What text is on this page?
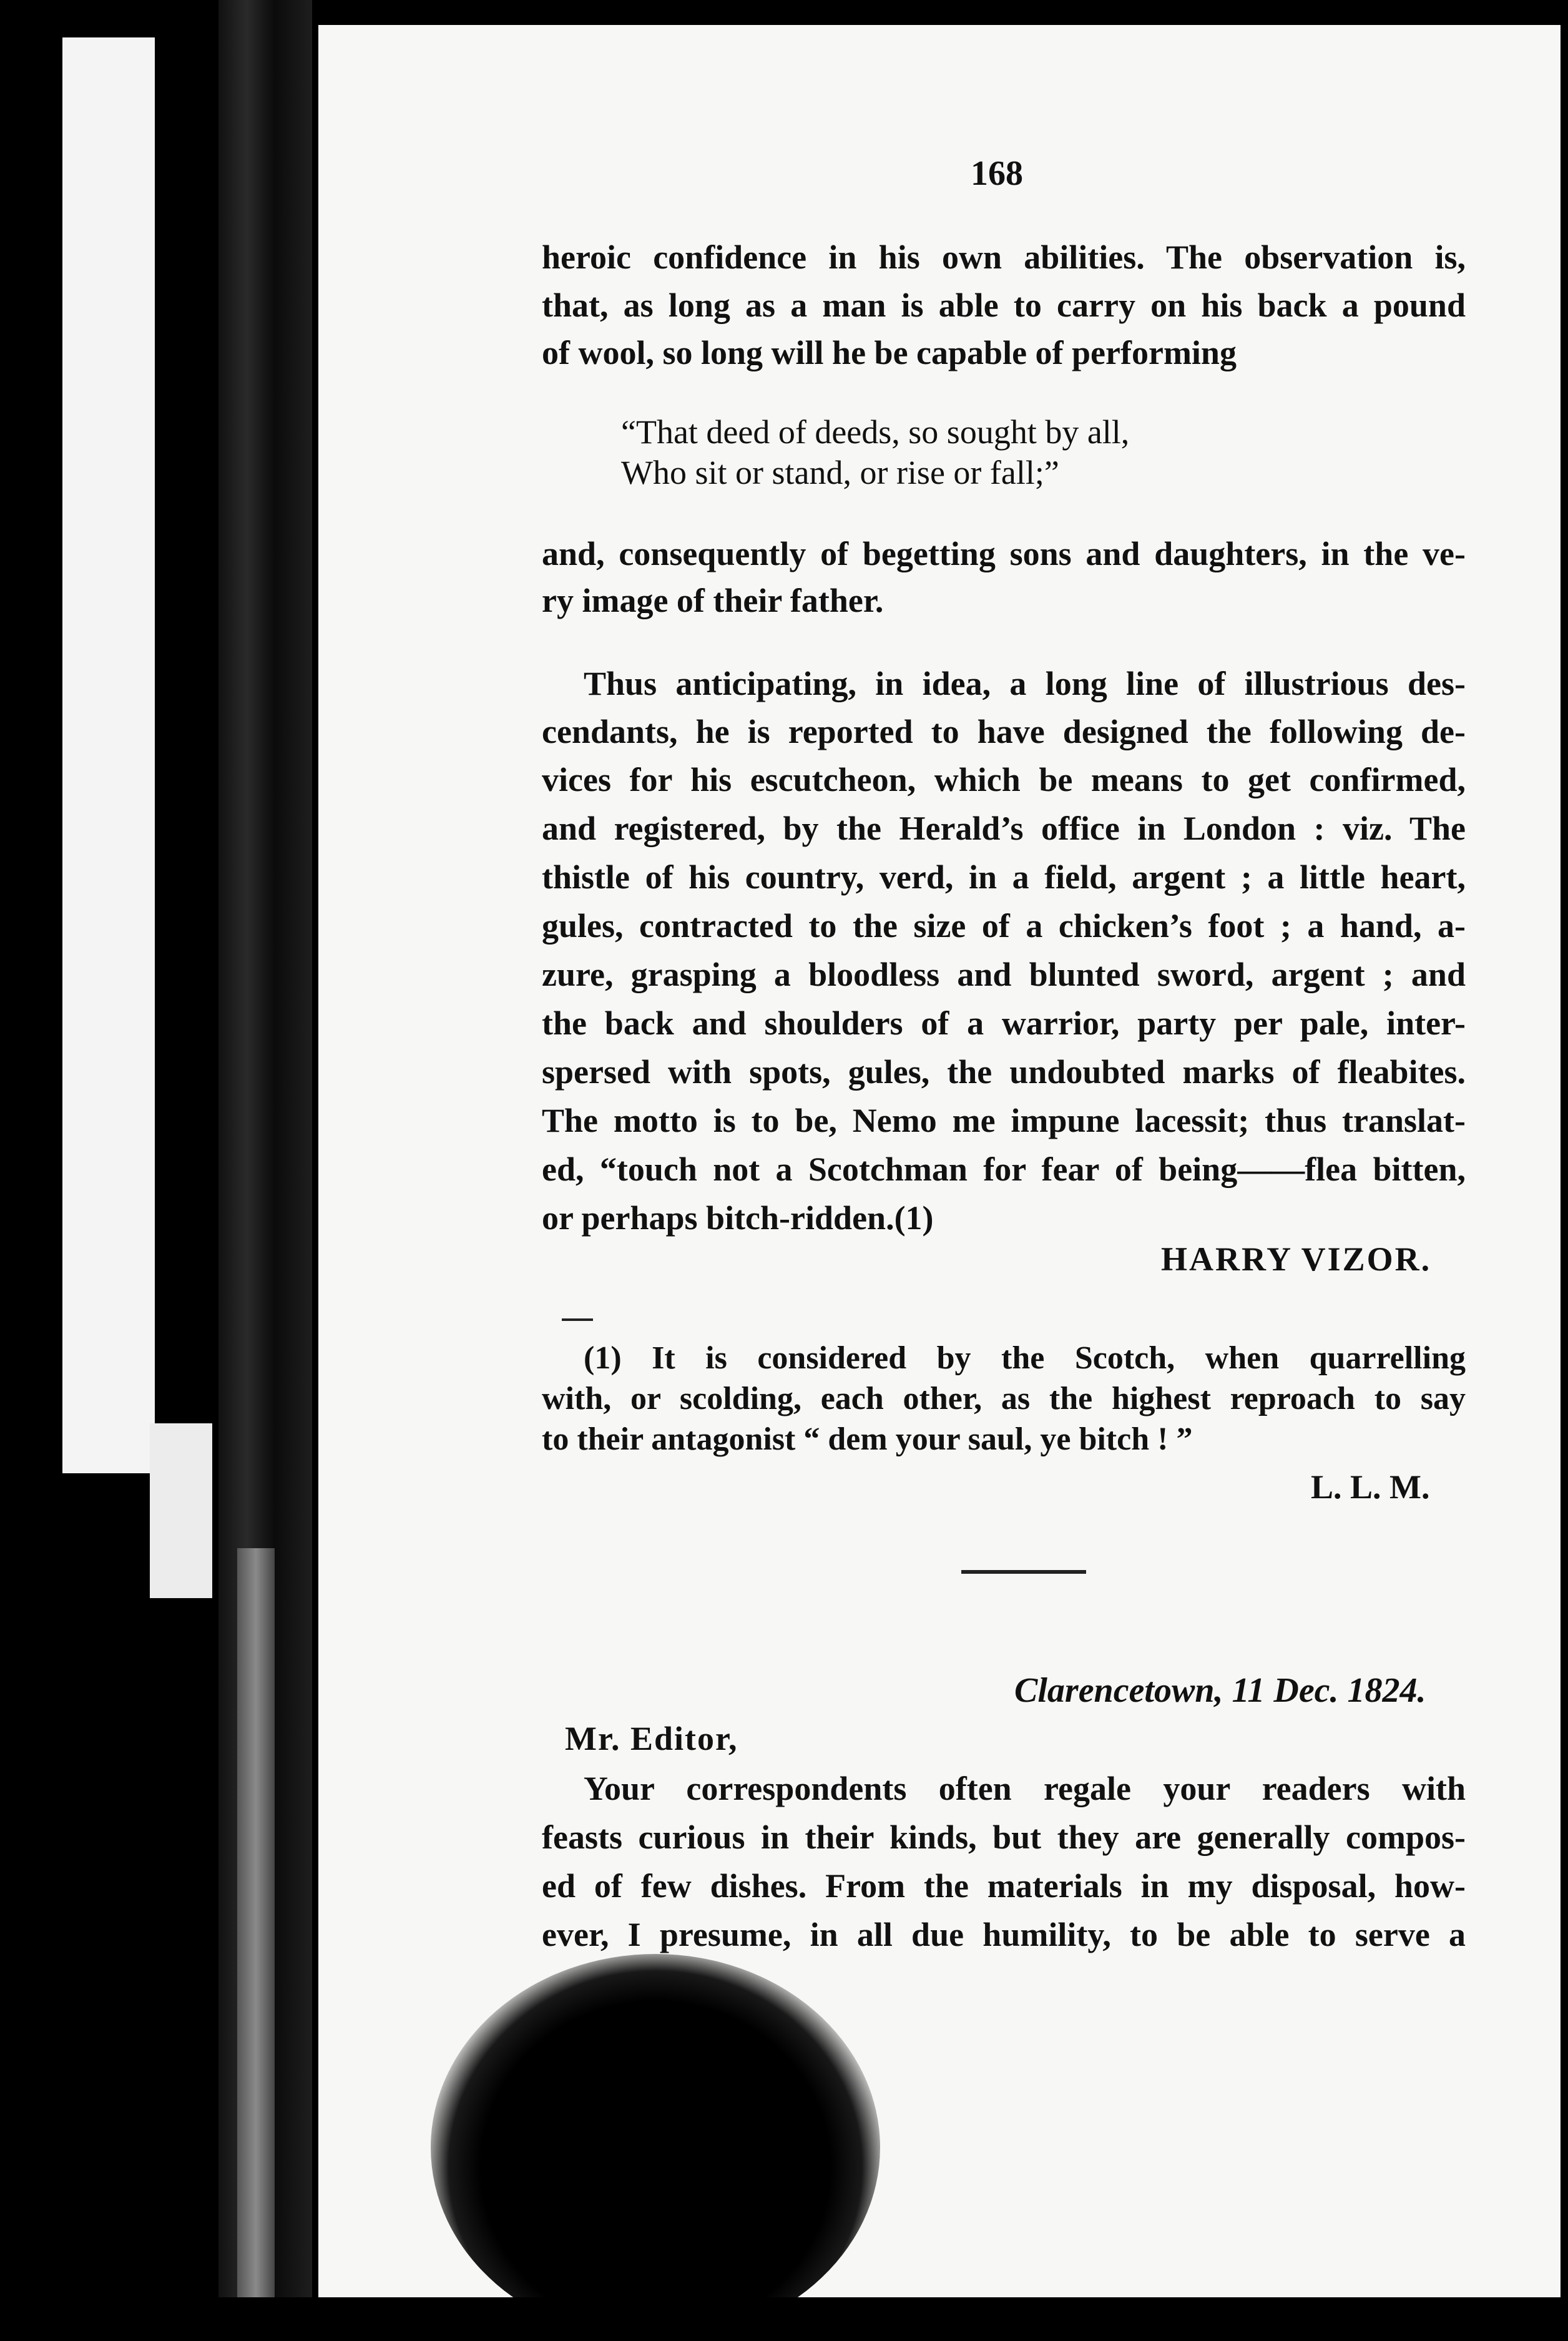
168
heroic confidence in his own abilities. The observation is,
that, as long as a man is able to carry on his back a pound
of wool, so long will he be capable of performing
“That deed of deeds, so sought by all,
Who sit or stand, or rise or fall;”
and, consequently of begetting sons and daughters, in the ve-
ry image of their father.
Thus anticipating, in idea, a long line of illustrious des-
cendants, he is reported to have designed the following de-
vices for his escutcheon, which be means to get confirmed,
and registered, by the Herald’s office in London : viz. The
thistle of his country, verd, in a field, argent ; a little heart,
gules, contracted to the size of a chicken’s foot ; a hand, a-
zure, grasping a bloodless and blunted sword, argent ; and
the back and shoulders of a warrior, party per pale, inter-
spersed with spots, gules, the undoubted marks of fleabites.
The motto is to be, Nemo me impune lacessit; thus translat-
ed, “touch not a Scotchman for fear of being——flea bitten,
or perhaps bitch-ridden.(1)
HARRY VIZOR.
(1) It is considered by the Scotch, when quarrelling
with, or scolding, each other, as the highest reproach to say
to their antagonist “ dem your saul, ye bitch ! ”
L. L. M.
Clarencetown, 11 Dec. 1824.
Mr. Editor,
Your correspondents often regale your readers with
feasts curious in their kinds, but they are generally compos-
ed of few dishes. From the materials in my disposal, how-
ever, I presume, in all due humility, to be able to serve a
